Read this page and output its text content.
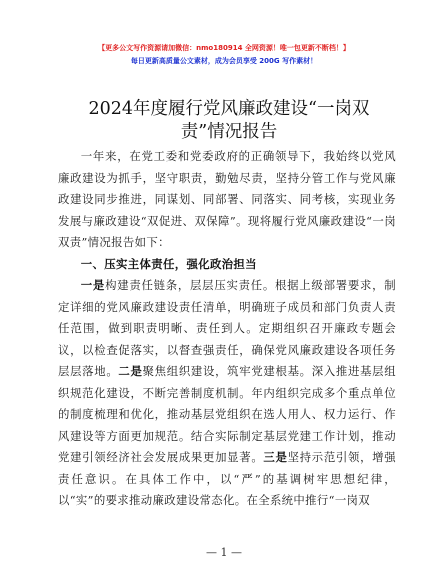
【更多公文写作资源请加微信：nmo180914 全网资源！唯一包更新不断档！】
每日更新高质量公文素材，成为会员享受 200G 写作素材！
2024年度履行党风廉政建设“一岗双责”情况报告

一年来，在党工委和党委政府的正确领导下，我始终以党风廉政建设为抓手，坚守职责，勤勉尽责，坚持分管工作与党风廉政建设同步推进，同谋划、同部署、同落实、同考核，实现业务发展与廉政建设“双促进、双保障”。现将履行党风廉政建设“一岗双责”情况报告如下：

一、压实主体责任，强化政治担当

一是构建责任链条，层层压实责任。根据上级部署要求，制定详细的党风廉政建设责任清单，明确班子成员和部门负责人责任范围，做到职责明晰、责任到人。定期组织召开廉政专题会议，以检查促落实，以督查强责任，确保党风廉政建设各项任务层层落地。二是聚焦组织建设，筑牢党建根基。深入推进基层组织规范化建设，不断完善制度机制。年内组织完成多个重点单位的制度梳理和优化，推动基层党组织在选人用人、权力运行、作风建设等方面更加规范。结合实际制定基层党建工作计划，推动党建引领经济社会发展成果更加显著。三是坚持示范引领，增强责任意识。在具体工作中，以“严”的基调树牢思想纪律，以“实”的要求推动廉政建设常态化。在全系统中推行“一岗双

— 1 —
